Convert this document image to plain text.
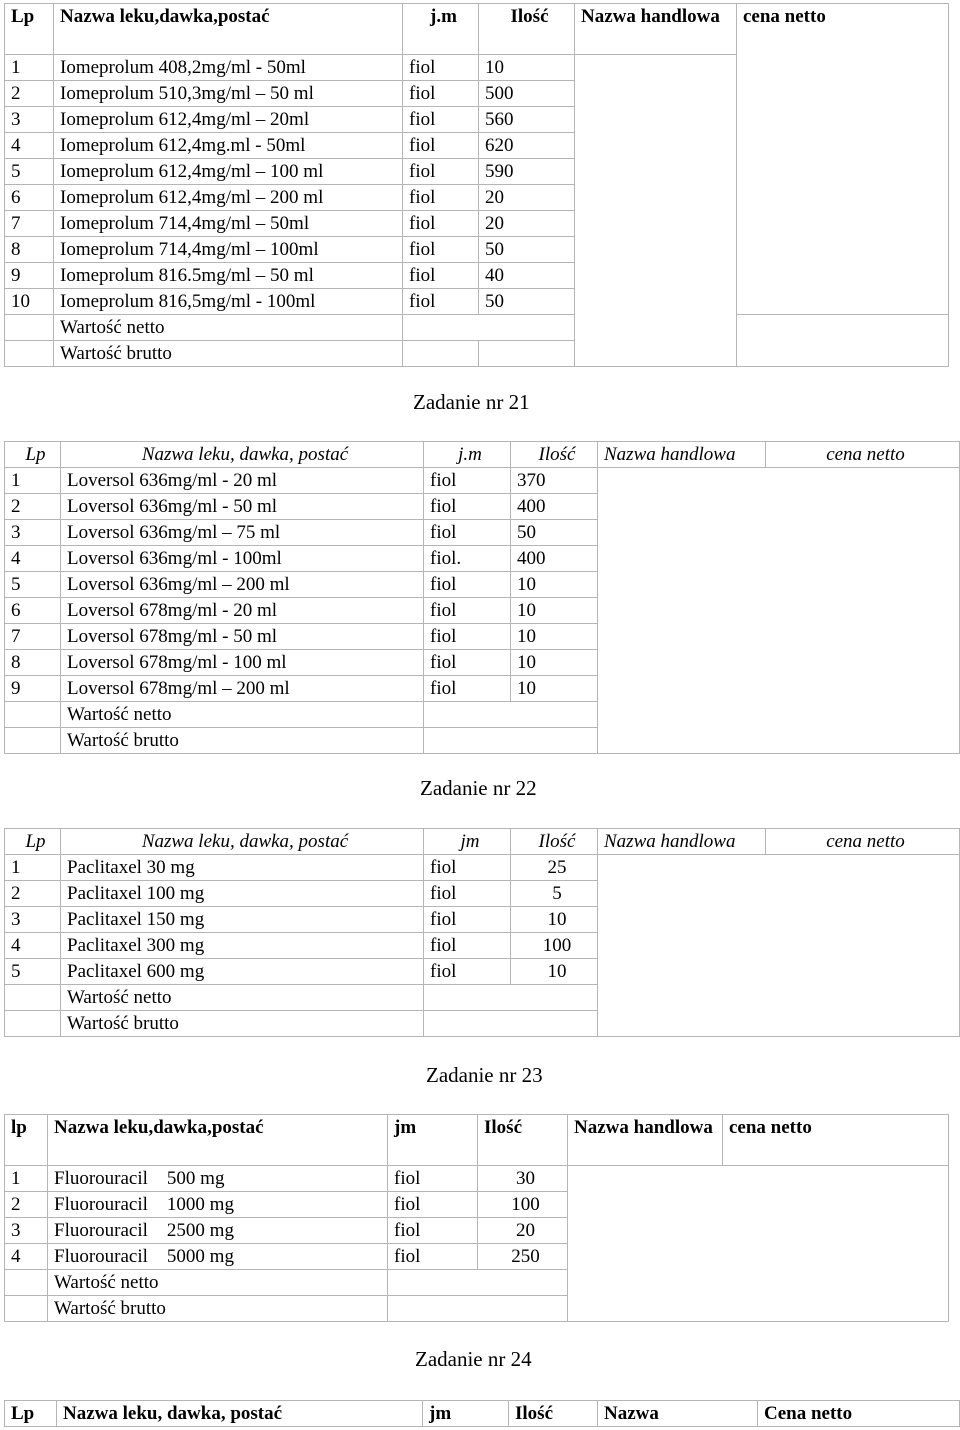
Lp	Nazwa leku,dawka,postać	j.m	Ilość	Nazwa handlowa	cena netto
1	Iomeprolum 408,2mg/ml - 50ml	fiol	10		
2	Iomeprolum 510,3mg/ml – 50 ml	fiol	500		
3	Iomeprolum 612,4mg/ml – 20ml	fiol	560		
4	Iomeprolum 612,4mg.ml - 50ml	fiol	620		
5	Iomeprolum 612,4mg/ml – 100 ml	fiol	590		
6	Iomeprolum 612,4mg/ml – 200 ml	fiol	20		
7	Iomeprolum 714,4mg/ml – 50ml	fiol	20		
8	Iomeprolum 714,4mg/ml – 100ml	fiol	50		
9	Iomeprolum 816.5mg/ml – 50 ml	fiol	40		
10	Iomeprolum 816,5mg/ml - 100ml	fiol	50		
	Wartość netto				
	Wartość brutto				
Zadanie nr 21
Lp	Nazwa leku, dawka, postać	j.m	Ilość	Nazwa handlowa	cena netto
1	Loversol 636mg/ml - 20 ml	fiol	370		
2	Loversol 636mg/ml - 50 ml	fiol	400		
3	Loversol 636mg/ml – 75 ml	fiol	50		
4	Loversol 636mg/ml - 100ml	fiol.	400		
5	Loversol 636mg/ml – 200 ml	fiol	10		
6	Loversol 678mg/ml - 20 ml	fiol	10		
7	Loversol 678mg/ml - 50 ml	fiol	10		
8	Loversol 678mg/ml - 100 ml	fiol	10		
9	Loversol 678mg/ml – 200 ml	fiol	10		
	Wartość netto				
	Wartość brutto				
Zadanie nr 22
Lp	Nazwa leku, dawka, postać	jm	Ilość	Nazwa handlowa	cena netto
1	Paclitaxel 30 mg	fiol	25		
2	Paclitaxel 100 mg	fiol	5		
3	Paclitaxel 150 mg	fiol	10		
4	Paclitaxel 300 mg	fiol	100		
5	Paclitaxel 600 mg	fiol	10		
	Wartość netto				
	Wartość brutto				
Zadanie nr 23
lp	Nazwa leku,dawka,postać	jm	Ilość	Nazwa handlowa	cena netto
1	Fluorouracil    500 mg	fiol	30		
2	Fluorouracil    1000 mg	fiol	100		
3	Fluorouracil    2500 mg	fiol	20		
4	Fluorouracil    5000 mg	fiol	250		
	Wartość netto				
	Wartość brutto				
Zadanie nr 24
Lp	Nazwa leku, dawka, postać	jm	Ilość	Nazwa	Cena netto
